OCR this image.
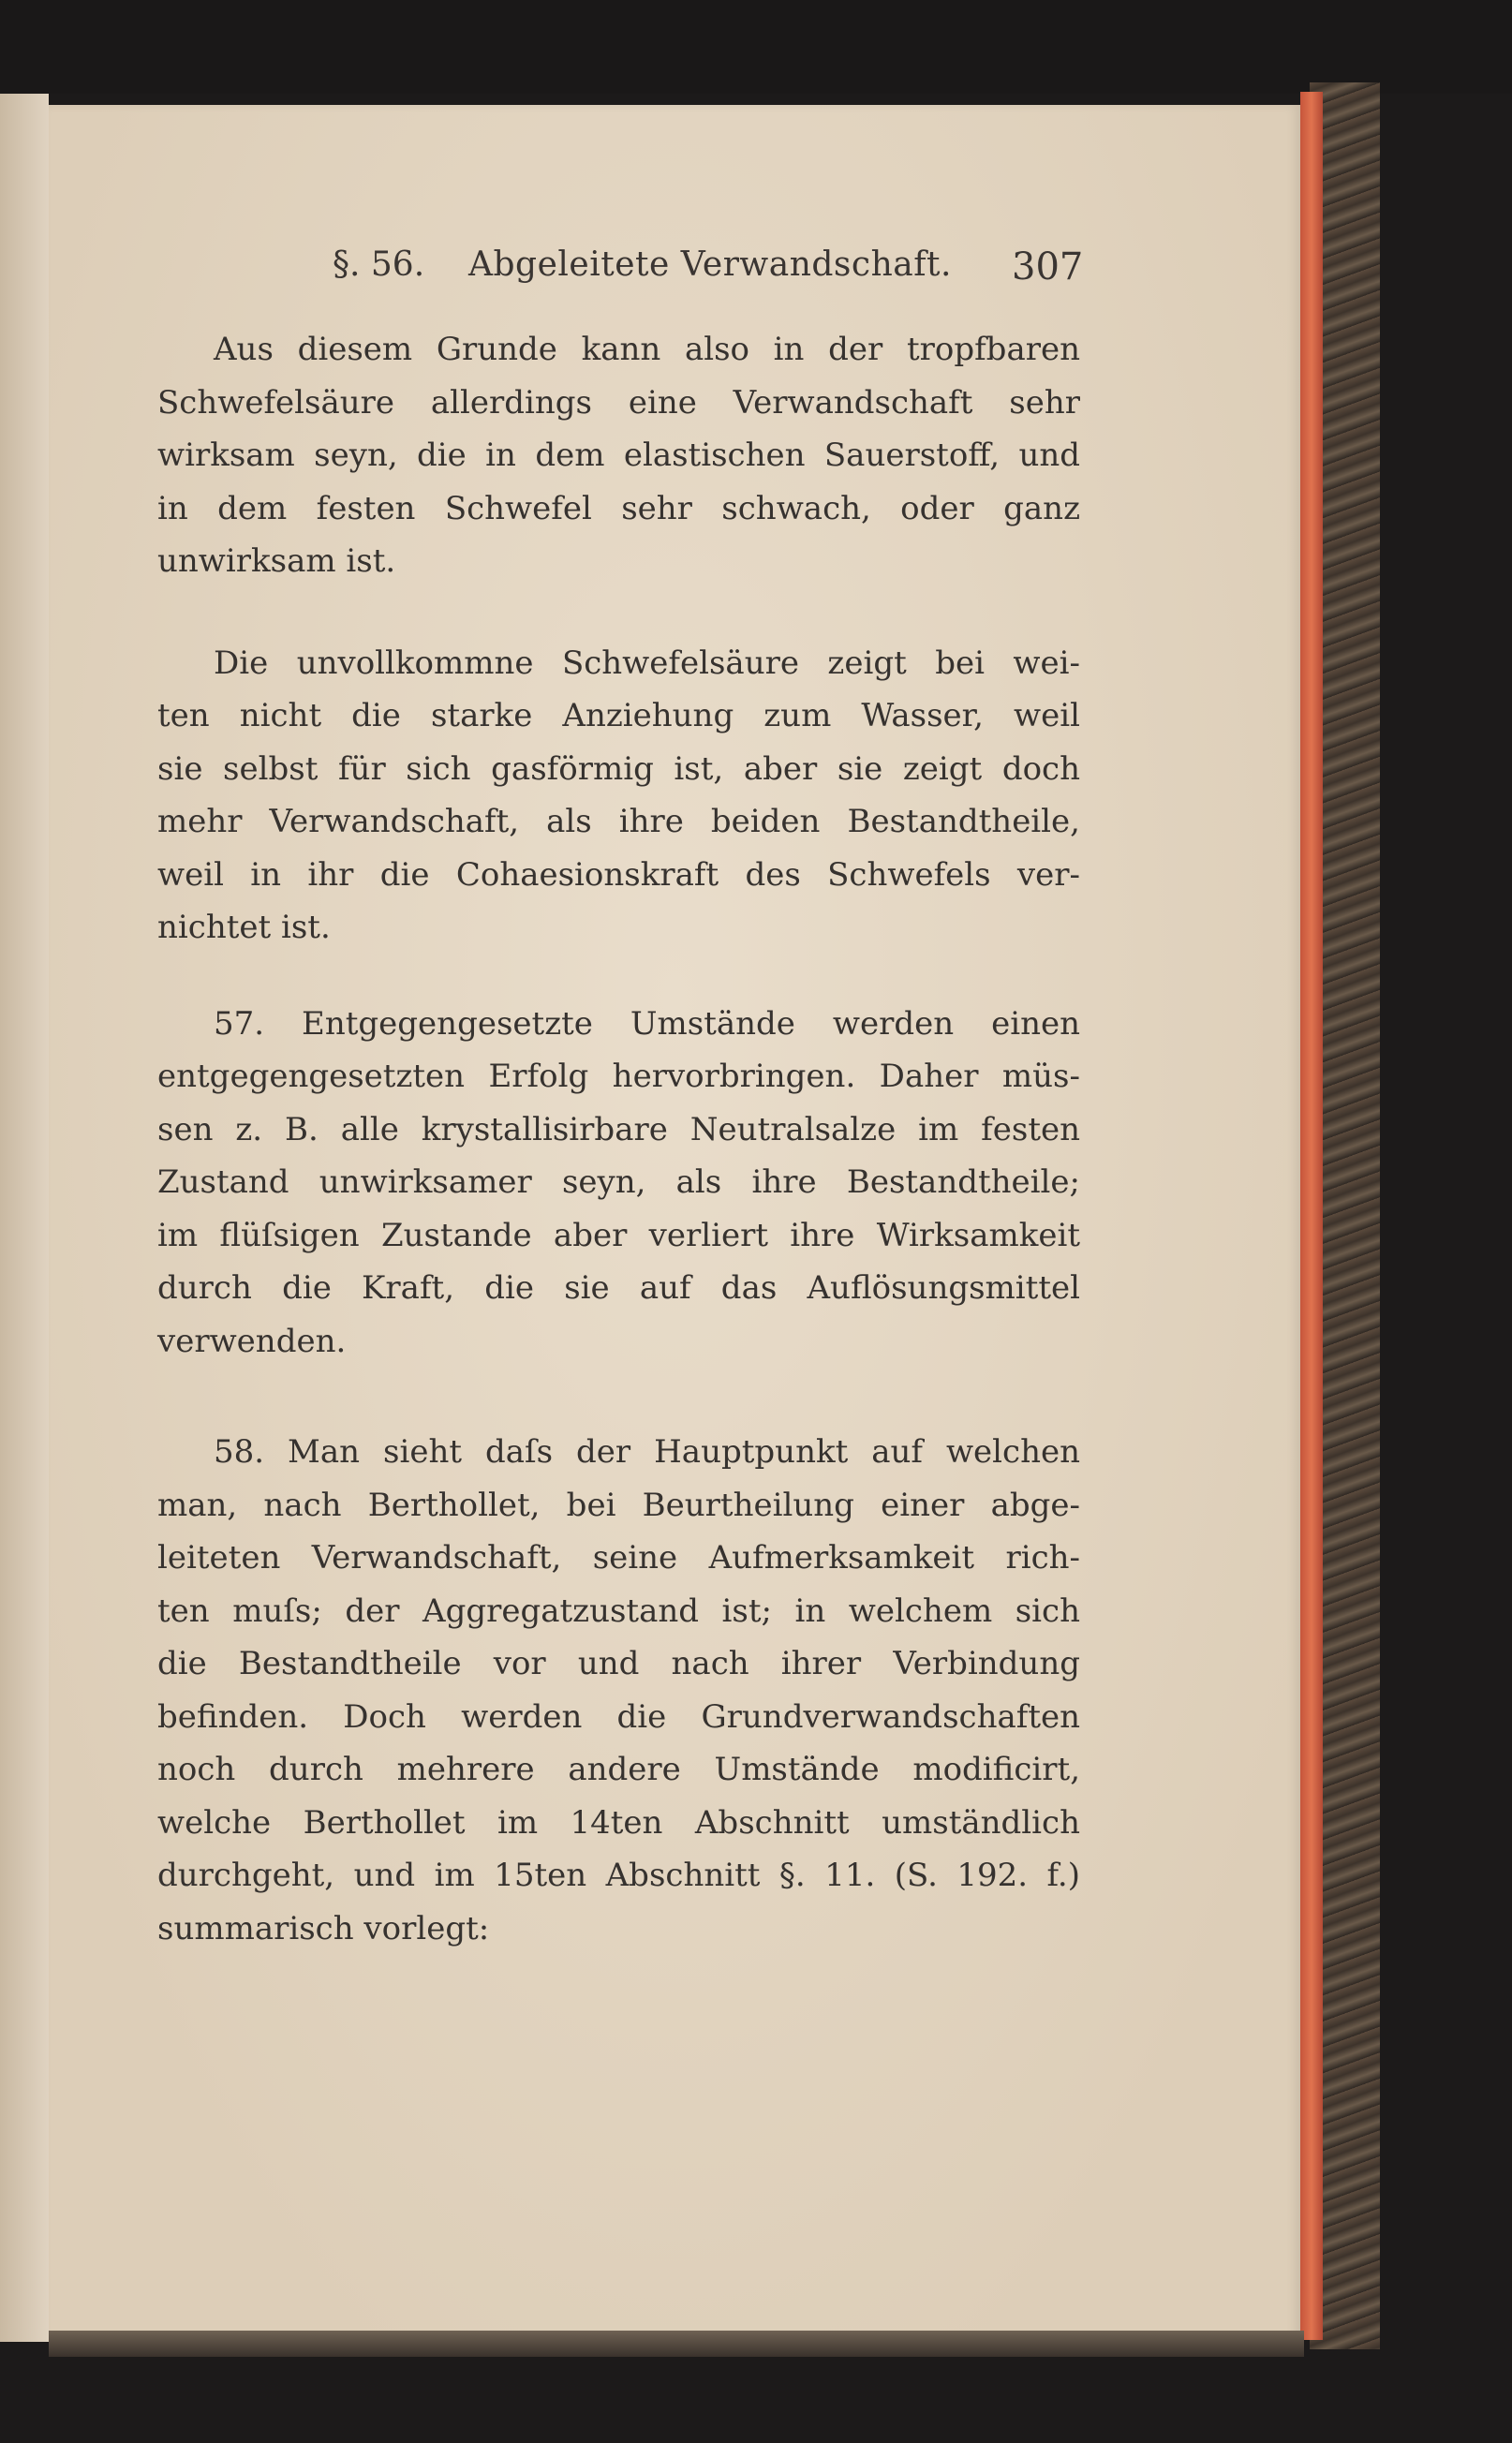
§. 56. Abgeleitete Verwandschaft. 307

Aus diesem Grunde kann also in der tropfbaren
Schwefelsäure allerdings eine Verwandschaft sehr
wirksam seyn, die in dem elastischen Sauerstoff, und
in dem festen Schwefel sehr schwach, oder ganz
unwirksam ist.

Die unvollkommne Schwefelsäure zeigt bei wei-
ten nicht die starke Anziehung zum Wasser, weil
sie selbst für sich gasförmig ist, aber sie zeigt doch
mehr Verwandschaft, als ihre beiden Bestandtheile,
weil in ihr die Cohaesionskraft des Schwefels ver-
nichtet ist.

57. Entgegengesetzte Umstände werden einen
entgegengesetzten Erfolg hervorbringen. Daher müs-
sen z. B. alle krystallisirbare Neutralsalze im festen
Zustand unwirksamer seyn, als ihre Bestandtheile;
im flüſsigen Zustande aber verliert ihre Wirksamkeit
durch die Kraft, die sie auf das Auflösungsmittel
verwenden.

58. Man sieht daſs der Hauptpunkt auf welchen
man, nach Berthollet, bei Beurtheilung einer abge-
leiteten Verwandschaft, seine Aufmerksamkeit rich-
ten muſs; der Aggregatzustand ist; in welchem sich
die Bestandtheile vor und nach ihrer Verbindung
befinden. Doch werden die Grundverwandschaften
noch durch mehrere andere Umstände modificirt,
welche Berthollet im 14ten Abschnitt umständlich
durchgeht, und im 15ten Abschnitt §. 11. (S. 192. f.)
summarisch vorlegt:
